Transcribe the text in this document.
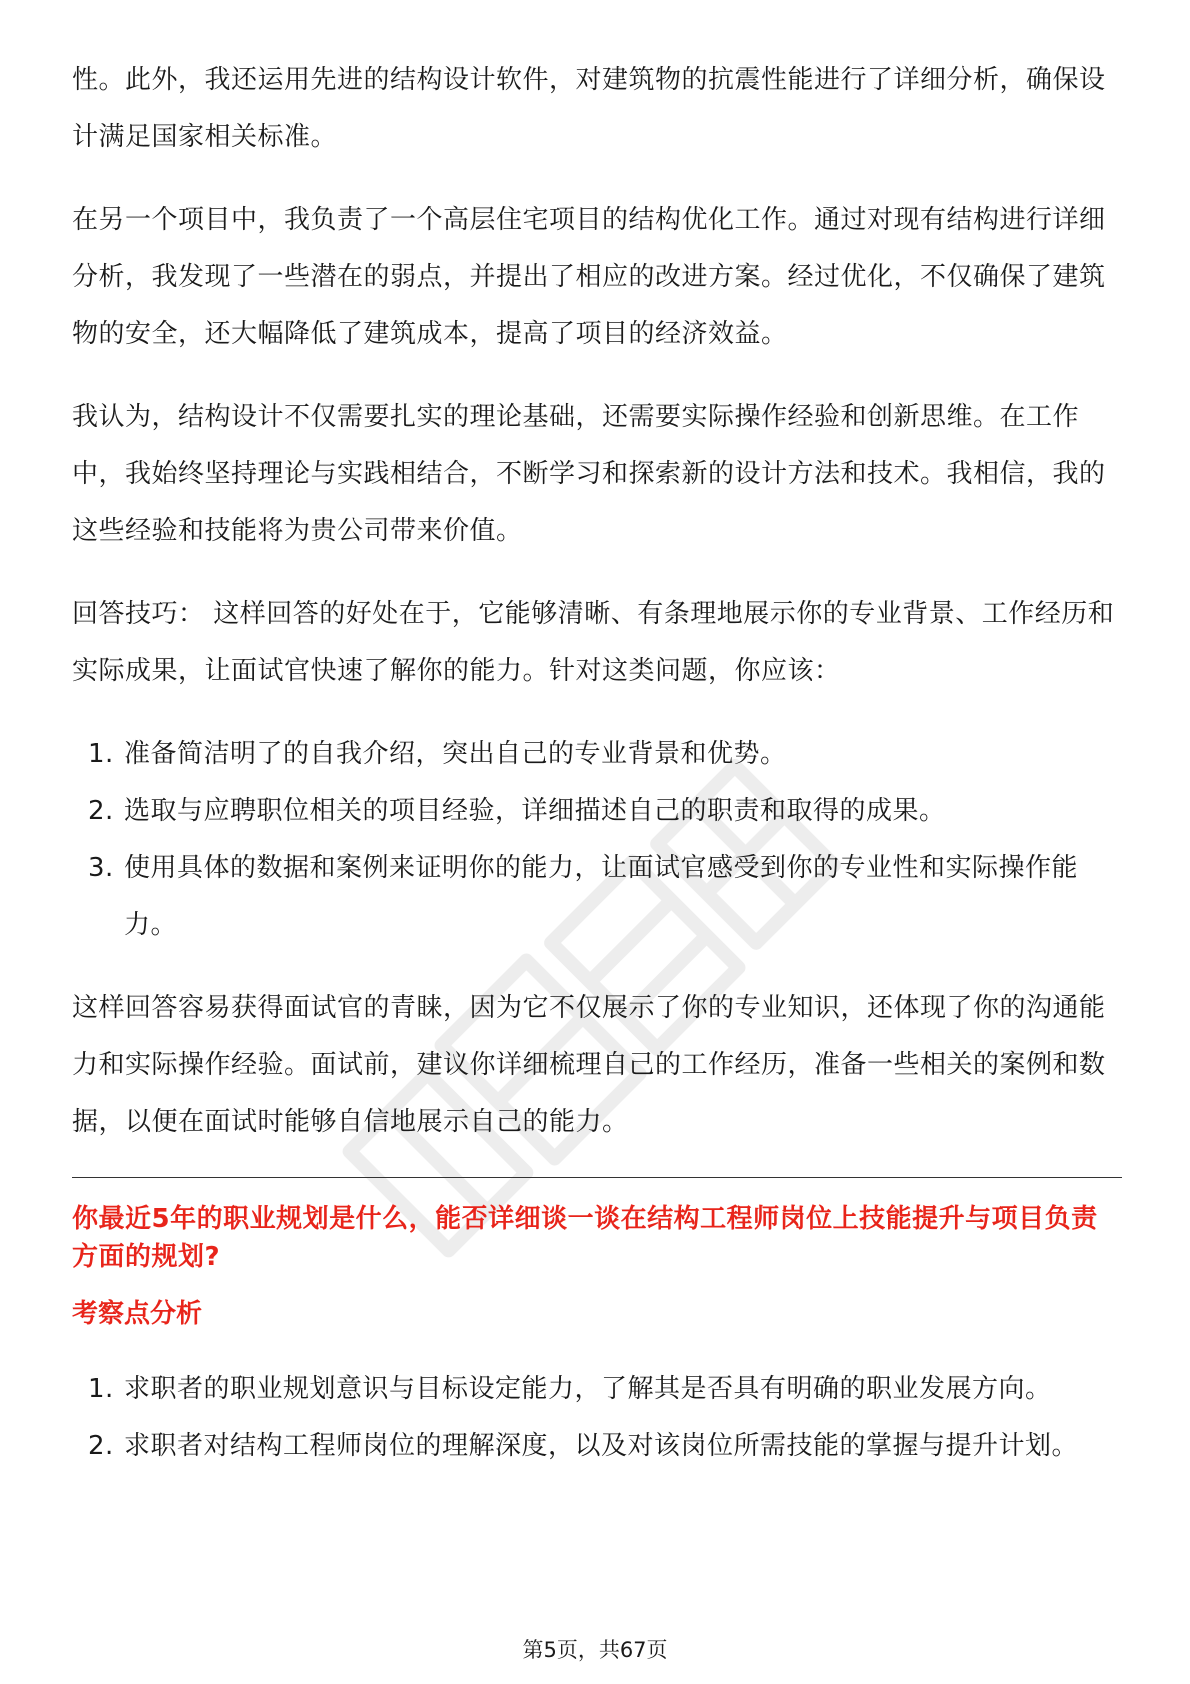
性。此外，我还运用先进的结构设计软件，对建筑物的抗震性能进行了详细分析，确保设计满足国家相关标准。

在另一个项目中，我负责了一个高层住宅项目的结构优化工作。通过对现有结构进行详细分析，我发现了一些潜在的弱点，并提出了相应的改进方案。经过优化，不仅确保了建筑物的安全，还大幅降低了建筑成本，提高了项目的经济效益。

我认为，结构设计不仅需要扎实的理论基础，还需要实际操作经验和创新思维。在工作中，我始终坚持理论与实践相结合，不断学习和探索新的设计方法和技术。我相信，我的这些经验和技能将为贵公司带来价值。

回答技巧： 这样回答的好处在于，它能够清晰、有条理地展示你的专业背景、工作经历和实际成果，让面试官快速了解你的能力。针对这类问题，你应该：

1. 准备简洁明了的自我介绍，突出自己的专业背景和优势。
2. 选取与应聘职位相关的项目经验，详细描述自己的职责和取得的成果。
3. 使用具体的数据和案例来证明你的能力，让面试官感受到你的专业性和实际操作能力。

这样回答容易获得面试官的青睐，因为它不仅展示了你的专业知识，还体现了你的沟通能力和实际操作经验。面试前，建议你详细梳理自己的工作经历，准备一些相关的案例和数据，以便在面试时能够自信地展示自己的能力。

你最近5年的职业规划是什么，能否详细谈一谈在结构工程师岗位上技能提升与项目负责方面的规划?
考察点分析
1. 求职者的职业规划意识与目标设定能力，了解其是否具有明确的职业发展方向。
2. 求职者对结构工程师岗位的理解深度，以及对该岗位所需技能的掌握与提升计划。
第5页，共67页
